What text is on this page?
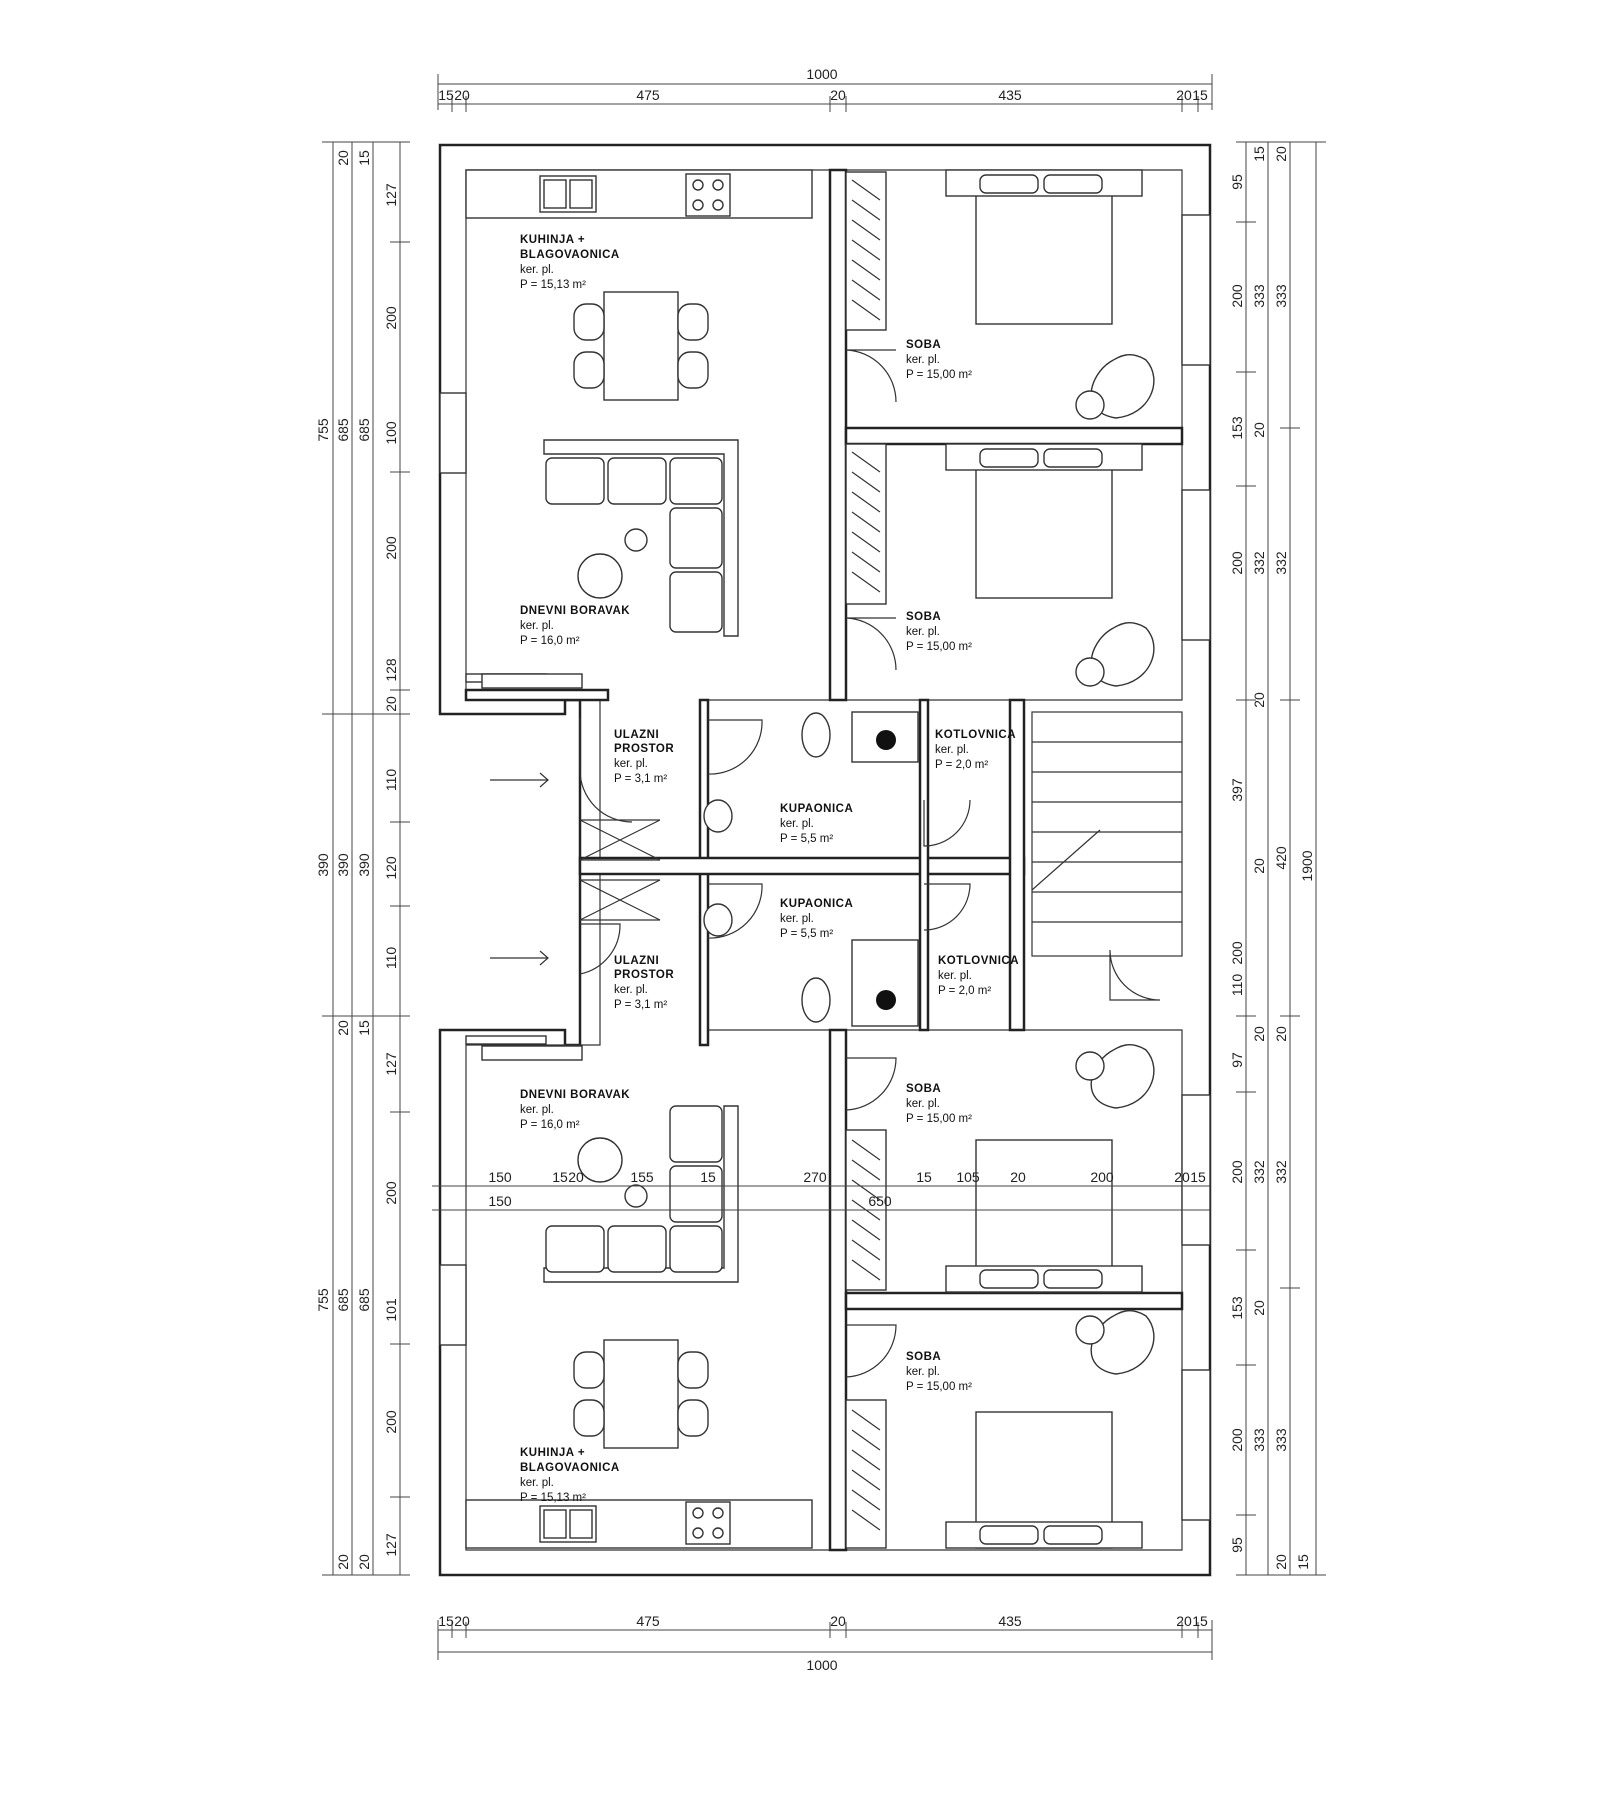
1000
15 20	475	20	435	20 15
15 20	475	20	435	20 15
1000
755
390
755
685
390
685
685
390
685
127
200
100
200
128
110
120
110
127
200
101
200
127
20 15
20
20 15
20 20
95
200
153
200
397
200
110
97
200
153
200
95
333
332
332
333
333
332
420
332
333
1900
15 20
20
20
20
20 20
20
20 15
150	15 20	155	15	270	15 105 20	200	20 15
150	650
KUHINJA +
BLAGOVAONICA
ker. pl.
P = 15,13 m²
DNEVNI BORAVAK
ker. pl.
P = 16,0 m²
SOBA
ker. pl.
P = 15,00 m²
SOBA
ker. pl.
P = 15,00 m²
ULAZNI
PROSTOR
ker. pl.
P = 3,1 m²
KUPAONICA
ker. pl.
P = 5,5 m²
KOTLOVNICA
ker. pl.
P = 2,0 m²
KUPAONICA
ker. pl.
P = 5,5 m²
ULAZNI
PROSTOR
ker. pl.
P = 3,1 m²
KOTLOVNICA
ker. pl.
P = 2,0 m²
DNEVNI BORAVAK
ker. pl.
P = 16,0 m²
SOBA
ker. pl.
P = 15,00 m²
SOBA
ker. pl.
P = 15,00 m²
KUHINJA +
BLAGOVAONICA
ker. pl.
P = 15,13 m²
